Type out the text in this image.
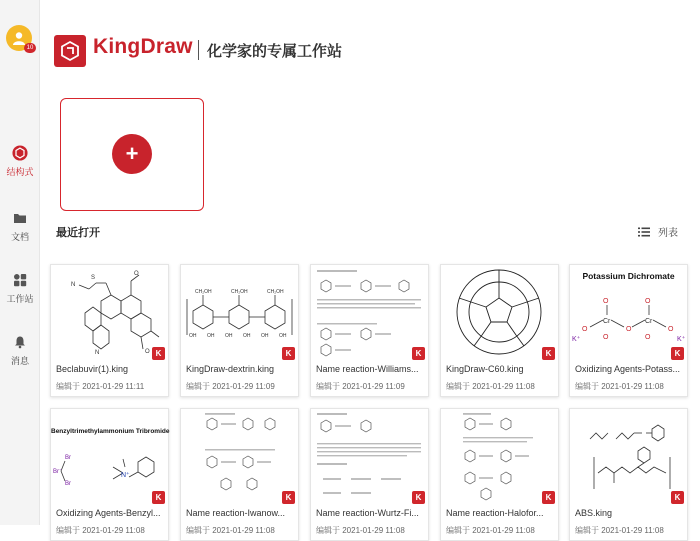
10
结构式
文档
工作站
消息
KingDraw 化学家的专属工作站
+
最近打开	列表
N
S
O
N	O K
Beclabuvir(1).king
编辑于 2021-01-29 11:11
CH₂OH	CH₂OH	CH₂OH
OH OH OH OH OH OH
K
KingDraw-dextrin.king
编辑于 2021-01-29 11:09
K
Name reaction-Williams...
编辑于 2021-01-29 11:09
K
KingDraw-C60.king
编辑于 2021-01-29 11:08
Potassium Dichromate
O	O
O	O	O
O	O
Cr	Cr
K⁺	K⁺
K
Oxidizing Agents-Potass...
编辑于 2021-01-29 11:08
Benzyltrimethylammonium Tribromide
Br
Br⁻
Br
N⁺
K
Oxidizing Agents-Benzyl...
编辑于 2021-01-29 11:08
K
Name reaction-Iwanow...
编辑于 2021-01-29 11:08
K
Name reaction-Wurtz-Fi...
编辑于 2021-01-29 11:08
K
Name reaction-Halofor...
编辑于 2021-01-29 11:08
K
ABS.king
编辑于 2021-01-29 11:08
